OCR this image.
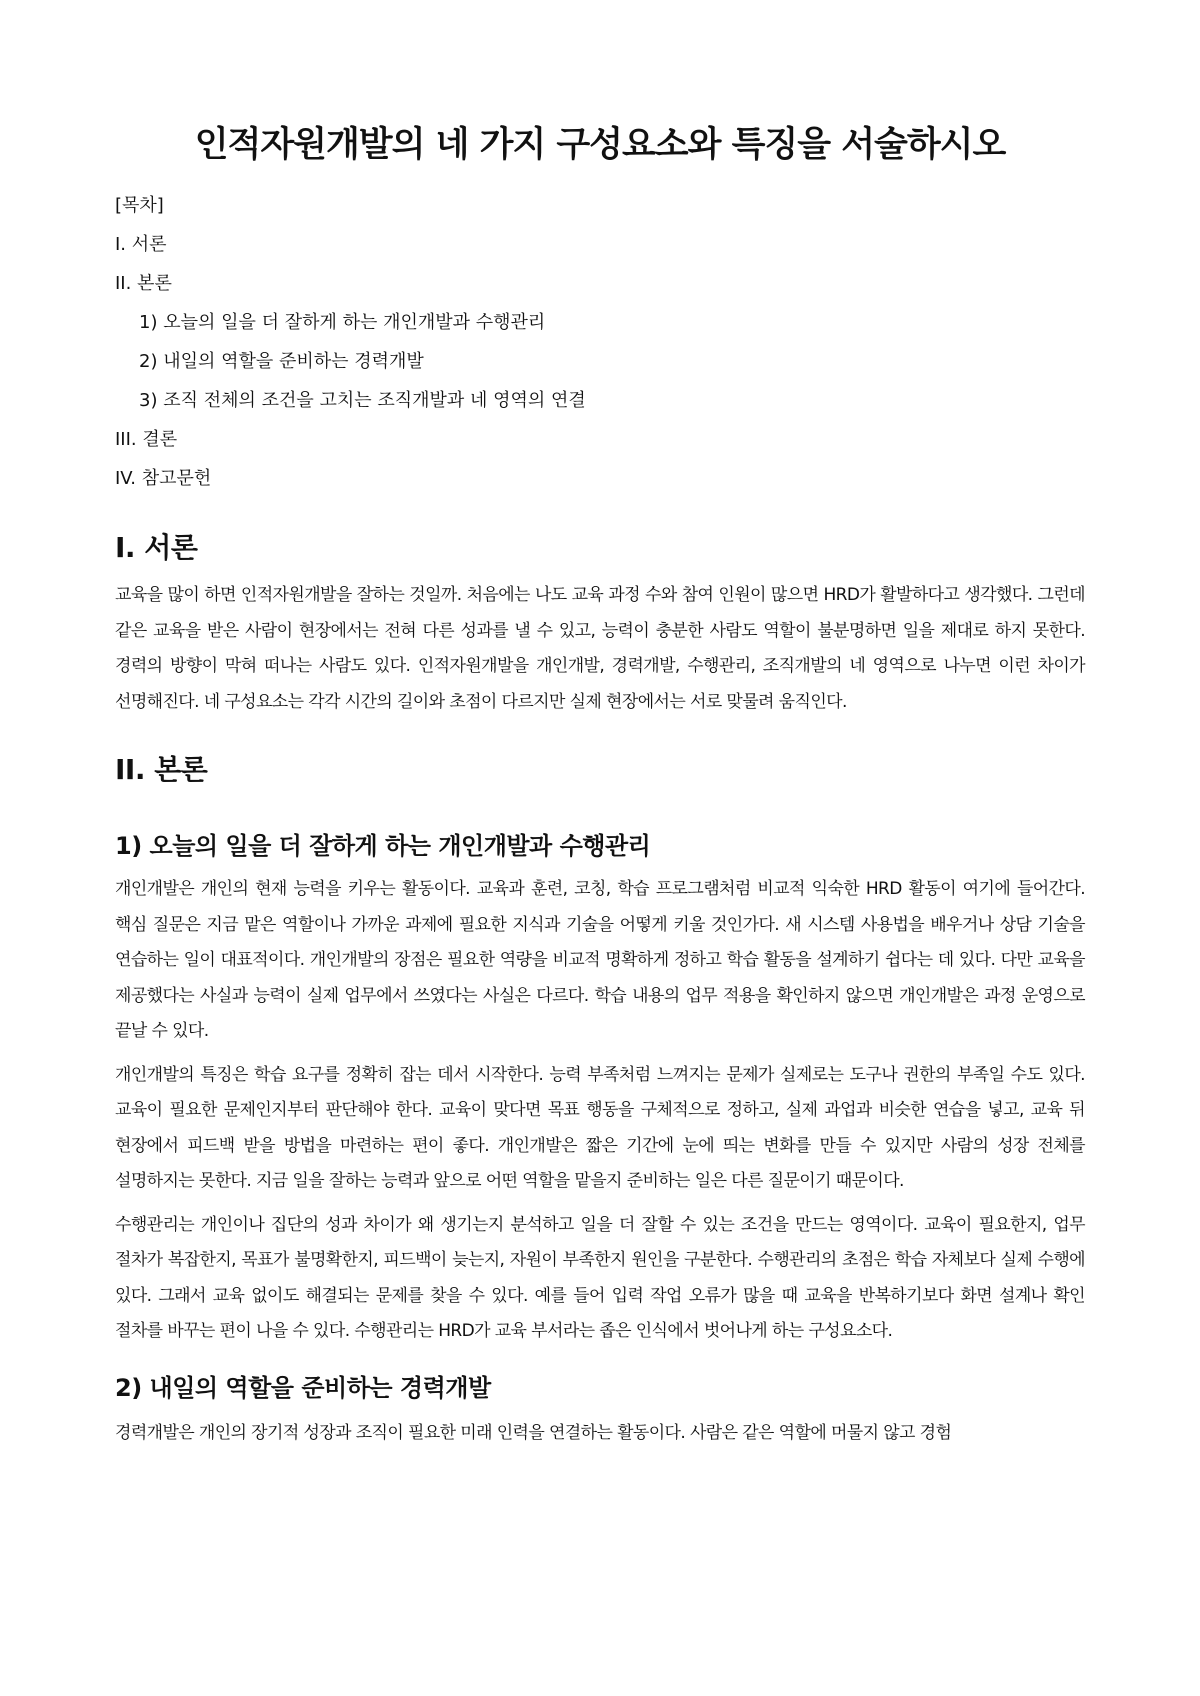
인적자원개발의 네 가지 구성요소와 특징을 서술하시오
[목차]
I. 서론
II. 본론
1) 오늘의 일을 더 잘하게 하는 개인개발과 수행관리
2) 내일의 역할을 준비하는 경력개발
3) 조직 전체의 조건을 고치는 조직개발과 네 영역의 연결
III. 결론
IV. 참고문헌
I. 서론

교육을 많이 하면 인적자원개발을 잘하는 것일까. 처음에는 나도 교육 과정 수와 참여 인원이 많으면 HRD가 활발하다고 생각했다. 그런데 같은 교육을 받은 사람이 현장에서는 전혀 다른 성과를 낼 수 있고, 능력이 충분한 사람도 역할이 불분명하면 일을 제대로 하지 못한다. 경력의 방향이 막혀 떠나는 사람도 있다. 인적자원개발을 개인개발, 경력개발, 수행관리, 조직개발의 네 영역으로 나누면 이런 차이가 선명해진다. 네 구성요소는 각각 시간의 길이와 초점이 다르지만 실제 현장에서는 서로 맞물려 움직인다.

II. 본론
1) 오늘의 일을 더 잘하게 하는 개인개발과 수행관리

개인개발은 개인의 현재 능력을 키우는 활동이다. 교육과 훈련, 코칭, 학습 프로그램처럼 비교적 익숙한 HRD 활동이 여기에 들어간다. 핵심 질문은 지금 맡은 역할이나 가까운 과제에 필요한 지식과 기술을 어떻게 키울 것인가다. 새 시스템 사용법을 배우거나 상담 기술을 연습하는 일이 대표적이다. 개인개발의 장점은 필요한 역량을 비교적 명확하게 정하고 학습 활동을 설계하기 쉽다는 데 있다. 다만 교육을 제공했다는 사실과 능력이 실제 업무에서 쓰였다는 사실은 다르다. 학습 내용의 업무 적용을 확인하지 않으면 개인개발은 과정 운영으로 끝날 수 있다.

개인개발의 특징은 학습 요구를 정확히 잡는 데서 시작한다. 능력 부족처럼 느껴지는 문제가 실제로는 도구나 권한의 부족일 수도 있다. 교육이 필요한 문제인지부터 판단해야 한다. 교육이 맞다면 목표 행동을 구체적으로 정하고, 실제 과업과 비슷한 연습을 넣고, 교육 뒤 현장에서 피드백 받을 방법을 마련하는 편이 좋다. 개인개발은 짧은 기간에 눈에 띄는 변화를 만들 수 있지만 사람의 성장 전체를 설명하지는 못한다. 지금 일을 잘하는 능력과 앞으로 어떤 역할을 맡을지 준비하는 일은 다른 질문이기 때문이다.

수행관리는 개인이나 집단의 성과 차이가 왜 생기는지 분석하고 일을 더 잘할 수 있는 조건을 만드는 영역이다. 교육이 필요한지, 업무 절차가 복잡한지, 목표가 불명확한지, 피드백이 늦는지, 자원이 부족한지 원인을 구분한다. 수행관리의 초점은 학습 자체보다 실제 수행에 있다. 그래서 교육 없이도 해결되는 문제를 찾을 수 있다. 예를 들어 입력 작업 오류가 많을 때 교육을 반복하기보다 화면 설계나 확인 절차를 바꾸는 편이 나을 수 있다. 수행관리는 HRD가 교육 부서라는 좁은 인식에서 벗어나게 하는 구성요소다.

2) 내일의 역할을 준비하는 경력개발

경력개발은 개인의 장기적 성장과 조직이 필요한 미래 인력을 연결하는 활동이다. 사람은 같은 역할에 머물지 않고 경험
